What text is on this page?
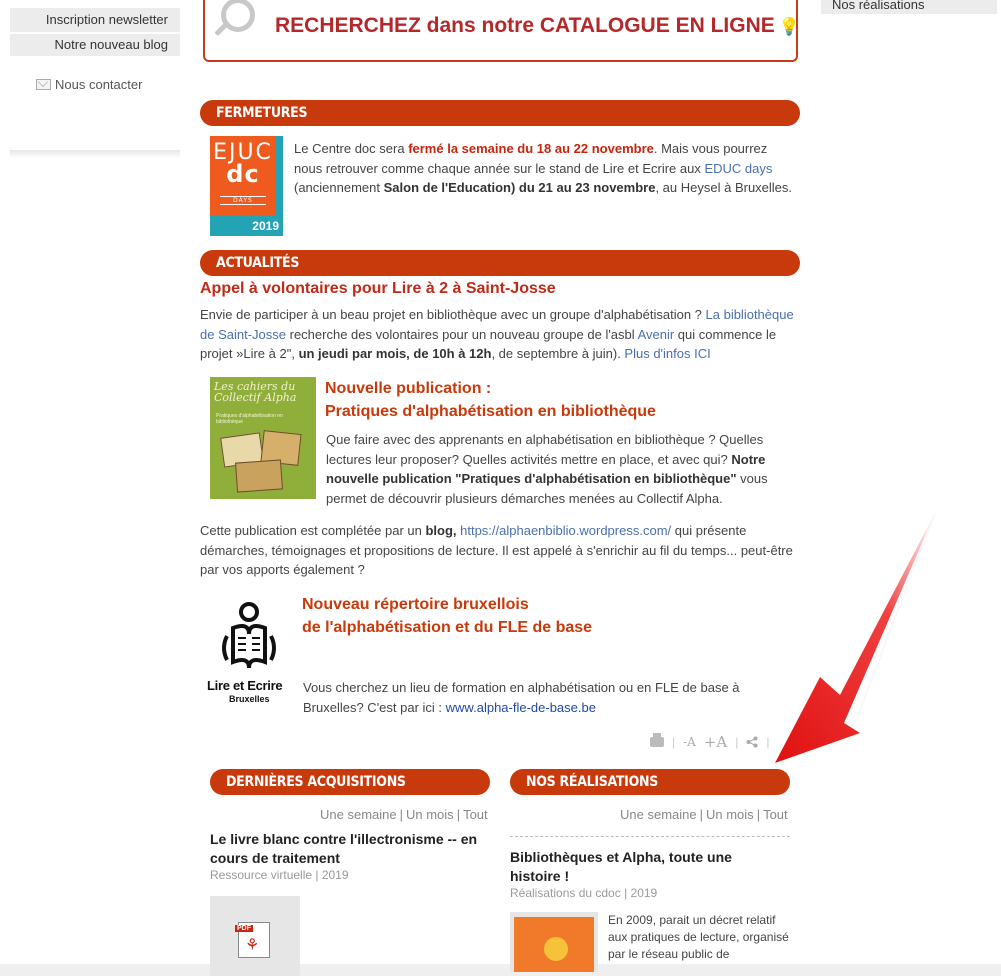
Inscription newsletter
Notre nouveau blog
Nous contacter
Nos réalisations
RECHERCHEZ dans notre CATALOGUE EN LIGNE 💡
FERMETURES
EJUC
dc
DAYS
2019
Le Centre doc sera fermé la semaine du 18 au 22 novembre. Mais vous pourrez nous retrouver comme chaque année sur le stand de Lire et Ecrire aux EDUC days (anciennement Salon de l'Education) du 21 au 23 novembre, au Heysel à Bruxelles.
ACTUALITÉS
Appel à volontaires pour Lire à 2 à Saint-Josse
Envie de participer à un beau projet en bibliothèque avec un groupe d'alphabétisation ? La bibliothèque de Saint-Josse recherche des volontaires pour un nouveau groupe de l'asbl Avenir qui commence le projet »Lire à 2", un jeudi par mois, de 10h à 12h, de septembre à juin). Plus d'infos ICI
Les cahiers du Collectif Alpha
Pratiques d'alphabétisation en bibliothèque
Nouvelle publication :
Pratiques d'alphabétisation en bibliothèque
Que faire avec des apprenants en alphabétisation en bibliothèque ? Quelles lectures leur proposer? Quelles activités mettre en place, et avec qui? Notre nouvelle publication "Pratiques d'alphabétisation en bibliothèque" vous permet de découvrir plusieurs démarches menées au Collectif Alpha.
Cette publication est complétée par un blog, https://alphaenbiblio.wordpress.com/ qui présente démarches, témoignages et propositions de lecture. Il est appelé à s'enrichir au fil du temps... peut-être par vos apports également ?
Lire et Ecrire
Bruxelles
Nouveau répertoire bruxellois
de l'alphabétisation et du FLE de base
Vous cherchez un lieu de formation en alphabétisation ou en FLE de base à Bruxelles? C'est par ici : www.alpha-fle-de-base.be
| -A +A | |
DERNIÈRES ACQUISITIONS
Une semaine | Un mois | Tout
Le livre blanc contre l'illectronisme -- en cours de traitement
Ressource virtuelle | 2019
PDF
⚘
NOS RÉALISATIONS
Une semaine | Un mois | Tout
Bibliothèques et Alpha, toute une histoire !
Réalisations du cdoc | 2019
En 2009, parait un décret relatif aux pratiques de lecture, organisé par le réseau public de
